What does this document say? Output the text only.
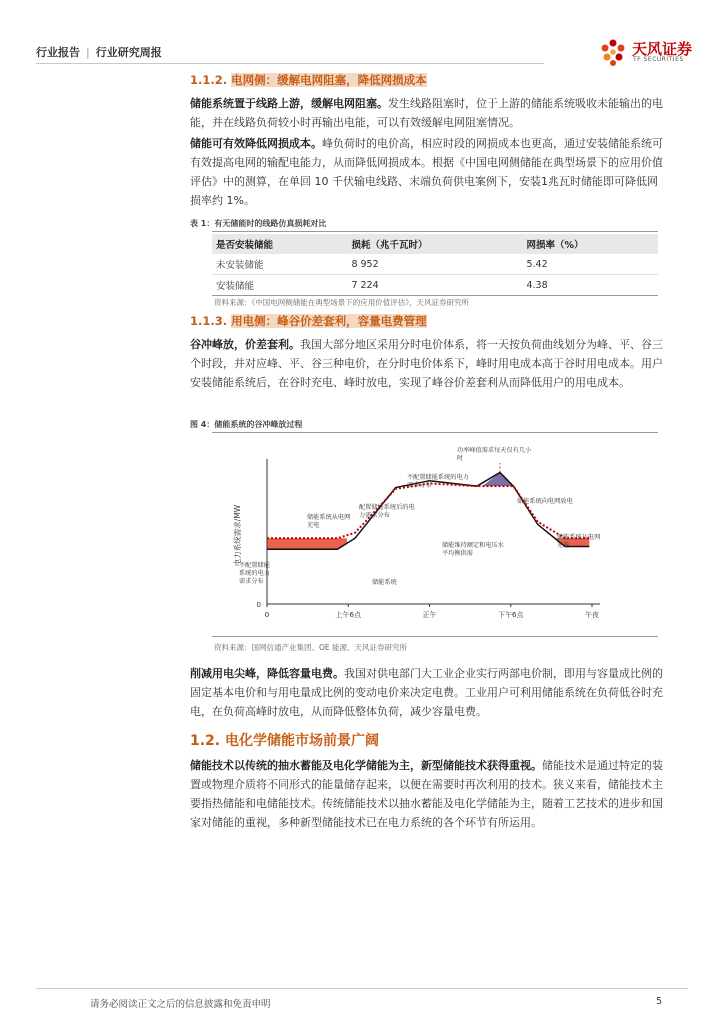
行业报告 | 行业研究周报	天风证券
TF SECURITIES
1.1.2. 电网侧：缓解电网阻塞，降低网损成本
储能系统置于线路上游，缓解电网阻塞。发生线路阻塞时，位于上游的储能系统吸收未能输出的电能，并在线路负荷较小时再输出电能，可以有效缓解电网阻塞情况。
储能可有效降低网损成本。峰负荷时的电价高，相应时段的网损成本也更高，通过安装储能系统可有效提高电网的输配电能力，从而降低网损成本。根据《中国电网侧储能在典型场景下的应用价值评估》中的测算，在单回 10 千伏输电线路、末端负荷供电案例下，安装1兆瓦时储能即可降低网损率约 1%。
表 1：有无储能时的线路仿真损耗对比
是否安装储能	损耗（兆千瓦时）	网损率（%）
未安装储能	8 952	5.42
安装储能	7 224	4.38
资料来源：《中国电网侧储能在典型场景下的应用价值评估》，天风证券研究所
1.1.3. 用电侧：峰谷价差套利，容量电费管理
谷冲峰放，价差套利。我国大部分地区采用分时电价体系，将一天按负荷曲线划分为峰、平、谷三个时段，并对应峰、平、谷三种电价，在分时电价体系下，峰时用电成本高于谷时用电成本。用户安装储能系统后，在谷时充电、峰时放电，实现了峰谷价差套利从而降低用户的用电成本。
图 4：储能系统的谷冲峰放过程
0	上午6点	正午	下午6点	午夜
0
电力系统需求/MW	储能系统从电网充电
不配置储能系统的电力需求分布
配置储能系统后的电力需求分布
不配置储能系统的电力需求分布
功率峰值需求每天仅有几小时
储能系统向电网放电
储能维持额定和电压水平均衡供需
储能系统从电网充电
储能系统
资料来源：国网信通产业集团、OE 能源、天风证券研究所
削减用电尖峰，降低容量电费。我国对供电部门大工业企业实行两部电价制，即用与容量成比例的固定基本电价和与用电量成比例的变动电价来决定电费。工业用户可利用储能系统在负荷低谷时充电，在负荷高峰时放电，从而降低整体负荷，减少容量电费。
1.2. 电化学储能市场前景广阔
储能技术以传统的抽水蓄能及电化学储能为主，新型储能技术获得重视。储能技术是通过特定的装置或物理介质将不同形式的能量储存起来，以便在需要时再次利用的技术。狭义来看，储能技术主要指热储能和电储能技术。传统储能技术以抽水蓄能及电化学储能为主，随着工艺技术的进步和国家对储能的重视，多种新型储能技术已在电力系统的各个环节有所运用。
请务必阅读正文之后的信息披露和免责申明	5
